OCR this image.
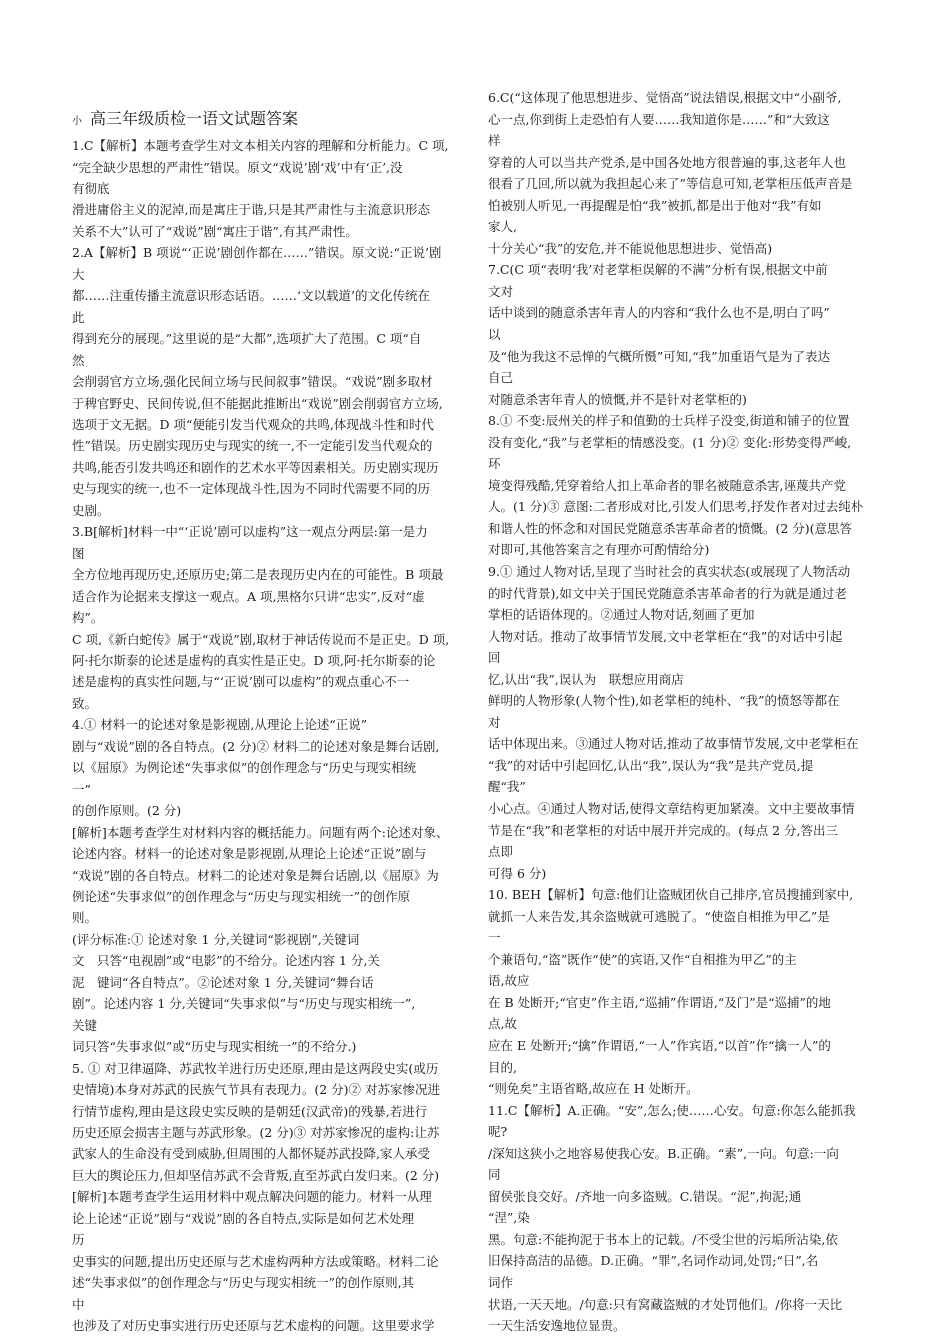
小 高三年级质检一语文试题答案
1.C【解析】本题考查学生对文本相关内容的理解和分析能力。C 项,
“完全缺少思想的严肃性”错误。原文“戏说’剧‘戏’中有‘正’,没
有彻底
滑进庸俗主义的泥淖,而是寓庄于谐,只是其严肃性与主流意识形态
关系不大”认可了“戏说”剧“寓庄于谐”,有其严肃性。
2.A【解析】B 项说“‘正说’剧创作都在……”错误。原文说:“正说’剧
大
都……注重传播主流意识形态话语。……‘文以载道’的文化传统在
此
得到充分的展现。”这里说的是“大都”,选项扩大了范围。C 项“自
然
会削弱官方立场,强化民间立场与民间叙事”错误。“戏说”剧多取材
于稗官野史、民间传说,但不能据此推断出“戏说”剧会削弱官方立场,
选项于文无据。D 项“便能引发当代观众的共鸣,体现战斗性和时代
性”错误。历史剧实现历史与现实的统一,不一定能引发当代观众的
共鸣,能否引发共鸣还和剧作的艺术水平等因素相关。历史剧实现历
史与现实的统一,也不一定体现战斗性,因为不同时代需要不同的历
史剧。
3.B[解析]材料一中“‘正说’剧可以虚构”这一观点分两层:第一是力
图
全方位地再现历史,还原历史;第二是表现历史内在的可能性。B 项最
适合作为论据来支撑这一观点。A 项,黑格尔只讲“忠实”,反对“虚
构”。
C 项,《新白蛇传》属于“戏说”剧,取材于神话传说而不是正史。D 项,
阿·托尔斯泰的论述是虚构的真实性是正史。D 项,阿·托尔斯泰的论
述是虚构的真实性问题,与“‘正说’剧可以虚构”的观点重心不一
致。
4.① 材料一的论述对象是影视剧,从理论上论述“正说”
剧与“戏说”剧的各自特点。(2 分)② 材料二的论述对象是舞台话剧,
以《屈原》为例论述“失事求似”的创作理念与“历史与现实相统
一”
的创作原则。(2 分)
[解析]本题考查学生对材料内容的概括能力。问题有两个:论述对象、
论述内容。材料一的论述对象是影视剧,从理论上论述“正说”剧与
“戏说”剧的各自特点。材料二的论述对象是舞台话剧,以《屈原》为
例论述“失事求似”的创作理念与“历史与现实相统一”的创作原
则。
(评分标准:① 论述对象 1 分,关键词“影视剧”,关键词
文　只答“电视剧”或“电影”的不给分。论述内容 1 分,关
泥　键词“各自特点”。②论述对象 1 分,关键词“舞台话
剧”。论述内容 1 分,关键词“失事求似”与“历史与现实相统一”,
关键
词只答“失事求似”或“历史与现实相统一”的不给分.)
5. ① 对卫律逼降、苏武牧羊进行历史还原,理由是这两段史实(或历
史情境)本身对苏武的民族气节具有表现力。(2 分)② 对苏家惨况进
行情节虚构,理由是这段史实反映的是朝廷(汉武帝)的残暴,若进行
历史还原会损害主题与苏武形象。(2 分)③ 对苏家惨况的虚构:让苏
武家人的生命没有受到威胁,但周围的人都怀疑苏武投降,家人承受
巨大的舆论压力,但却坚信苏武不会背叛,直至苏武白发归来。(2 分)
[解析]本题考查学生运用材料中观点解决问题的能力。材料一从理
论上论述“正说”剧与“戏说”剧的各自特点,实际是如何艺术处理
历
史事实的问题,提出历史还原与艺术虚构两种方法或策略。材料二论
述“失事求似”的创作理念与“历史与现实相统一”的创作原则,其
中
也涉及了对历史事实进行历史还原与艺术虚构的问题。这里要求学
6.C(“这体现了他思想进步、觉悟高”说法错误,根据文中“小副爷,
心一点,你到街上走恐怕有人要……我知道你是……”和“大致这
样
穿着的人可以当共产党杀,是中国各处地方很普遍的事,这老年人也
很看了几回,所以就为我担起心来了”等信息可知,老掌柜压低声音是
怕被别人听见,一再提醒是怕“我”被抓,都是出于他对“我”有如
家人,
十分关心“我”的安危,并不能说他思想进步、觉悟高)
7.C(C 项“表明‘我’对老掌柜误解的不满”分析有误,根据文中前
文对
话中谈到的随意杀害年青人的内容和“我什么也不是,明白了吗”
以
及“他为我这不忌惮的气概所慑”可知,“我”加重语气是为了表达
自己
对随意杀害年青人的愤慨,并不是针对老掌柜的)
8.① 不变:辰州关的样子和值勤的士兵样子没变,街道和铺子的位置
没有变化,“我”与老掌柜的情感没变。(1 分)② 变化:形势变得严峻,
环
境变得残酷,凭穿着给人扣上革命者的罪名被随意杀害,诬蔑共产党
人。(1 分)③ 意图:二者形成对比,引发人们思考,抒发作者对过去纯朴
和谐人性的怀念和对国民党随意杀害革命者的愤慨。(2 分)(意思答
对即可,其他答案言之有理亦可酌情给分)
9.① 通过人物对话,呈现了当时社会的真实状态(或展现了人物活动
的时代背景),如文中关于国民党随意杀害革命者的行为就是通过老
掌柜的话语体现的。②通过人物对话,刻画了更加
人物对话。推动了故事情节发展,文中老掌柜在“我”的对话中引起
回
忆,认出“我”,误认为　联想应用商店
鲜明的人物形象(人物个性),如老掌柜的纯朴、“我”的愤怒等都在
对
话中体现出来。③通过人物对话,推动了故事情节发展,文中老掌柜在
“我”的对话中引起回忆,认出“我”,误认为“我”是共产党员,提
醒“我”
小心点。④通过人物对话,使得文章结构更加紧凑。文中主要故事情
节是在“我”和老掌柜的对话中展开并完成的。(每点 2 分,答出三
点即
可得 6 分)
10. BEH【解析】句意:他们让盗贼团伙自己排序,官员搜捕到家中,
就抓一人来告发,其余盗贼就可逃脱了。“使盗自相推为甲乙”是
一
个兼语句,“盗”既作“使”的宾语,又作“自相推为甲乙”的主
语,故应
在 B 处断开;“官吏”作主语,“巡捕”作谓语,“及门”是“巡捕”的地
点,故
应在 E 处断开;“擒”作谓语,“一人”作宾语,“以首”作“擒一人”的
目的,
“则免矣”主语省略,故应在 H 处断开。
11.C【解析】A.正确。“安”,怎么;使……心安。句意:你怎么能抓我
呢?
/深知这狭小之地容易使我心安。B.正确。“素”,一向。句意:一向
同
留侯张良交好。/齐地一向多盗贼。C.错误。“泥”,拘泥;通
“涅”,染
黑。句意:不能拘泥于书本上的记载。/不受尘世的污垢所沾染,依
旧保持高洁的品德。D.正确。“罪”,名词作动词,处罚;“日”,名
词作
状语,一天天地。/句意:只有窝藏盗贼的才处罚他们。/你将一天比
一天生活安逸地位显贵。
